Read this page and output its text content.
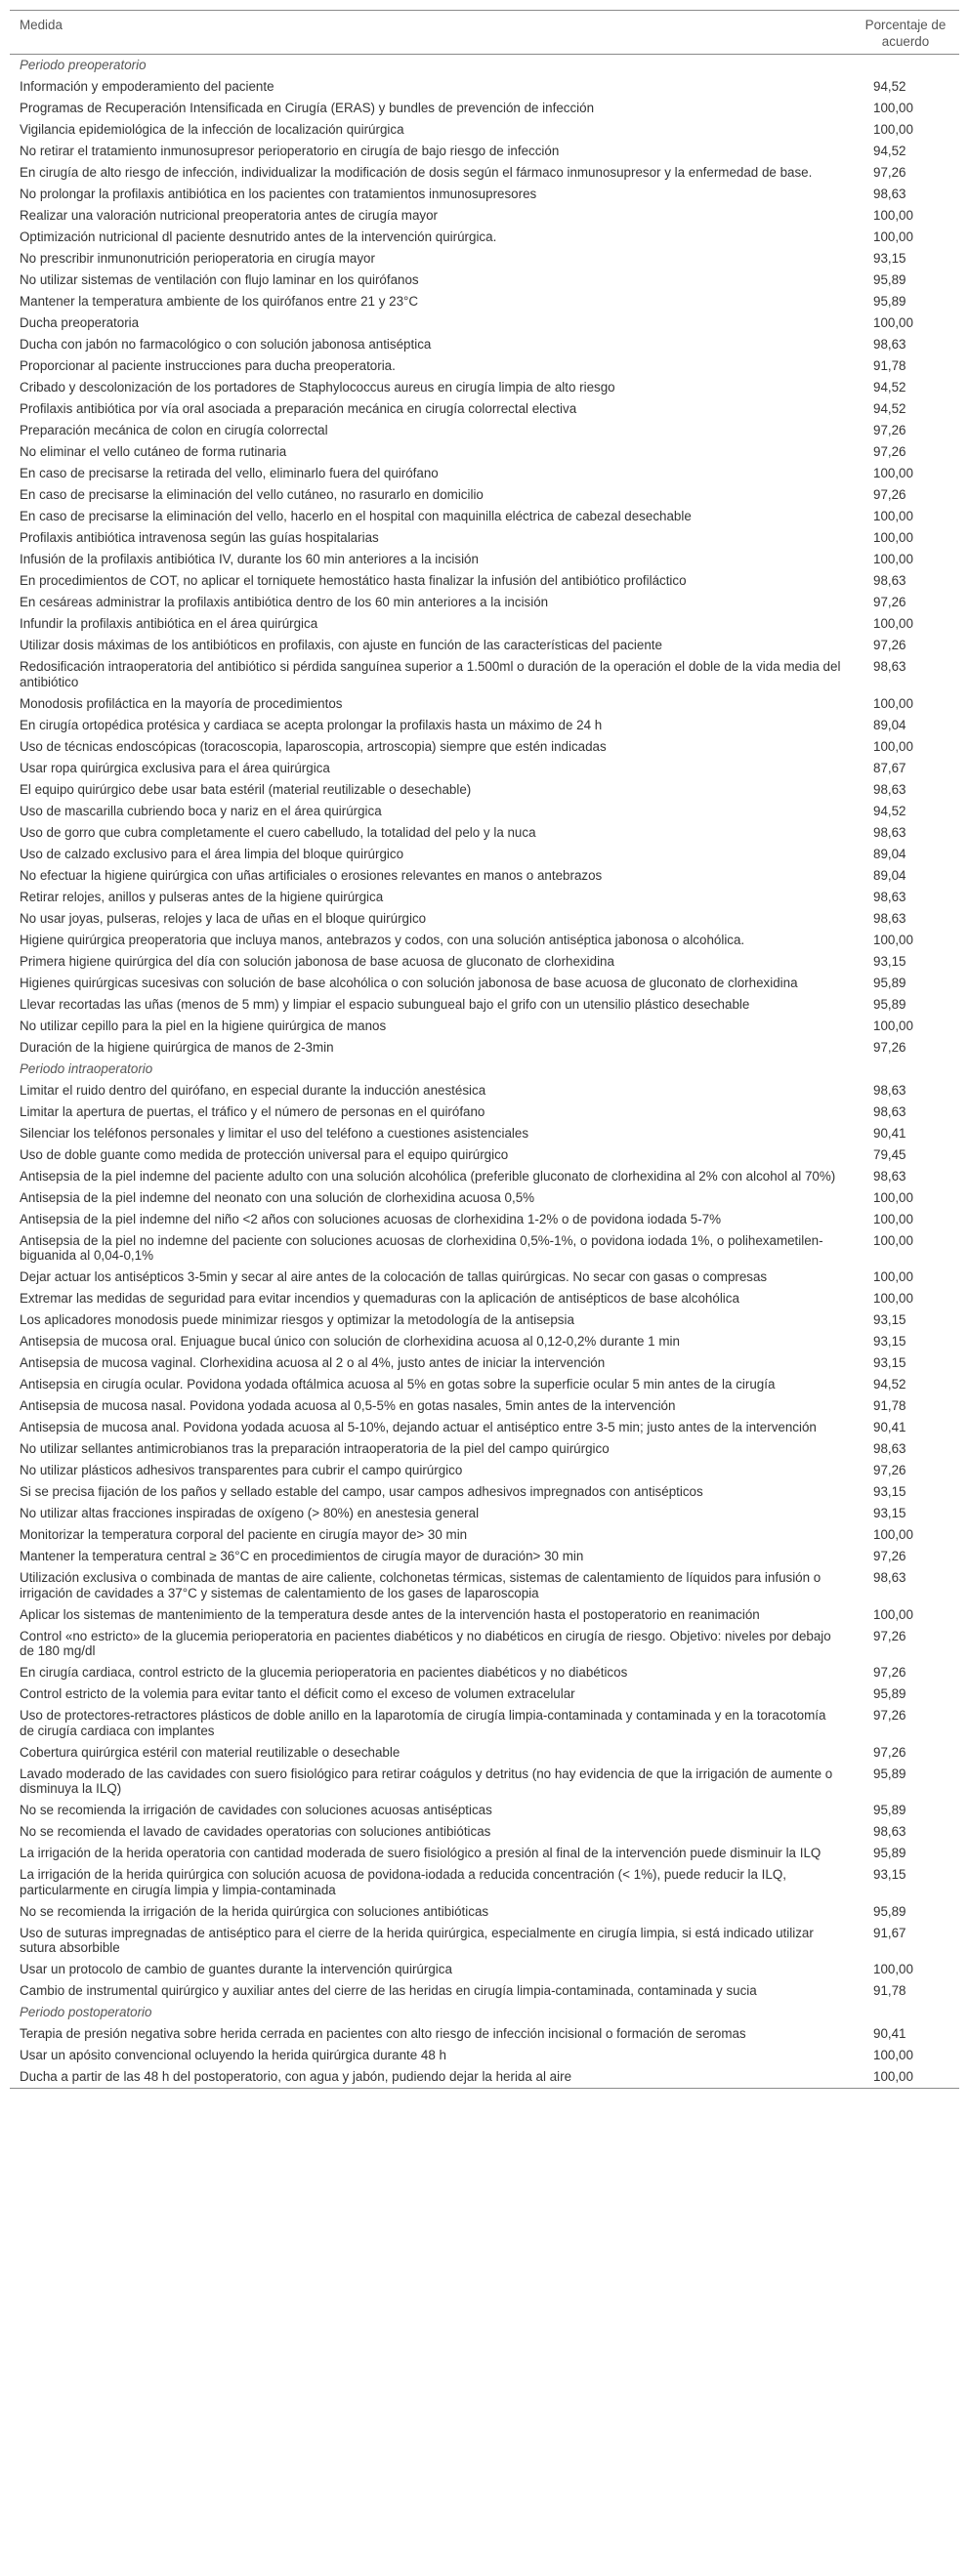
Medida	Porcentaje de acuerdo
Periodo preoperatorio	
Información y empoderamiento del paciente	94,52
Programas de Recuperación Intensificada en Cirugía (ERAS) y bundles de prevención de infección	100,00
Vigilancia epidemiológica de la infección de localización quirúrgica	100,00
No retirar el tratamiento inmunosupresor perioperatorio en cirugía de bajo riesgo de infección	94,52
En cirugía de alto riesgo de infección, individualizar la modificación de dosis según el fármaco inmunosupresor y la enfermedad de base.	97,26
No prolongar la profilaxis antibiótica en los pacientes con tratamientos inmunosupresores	98,63
Realizar una valoración nutricional preoperatoria antes de cirugía mayor	100,00
Optimización nutricional dl paciente desnutrido antes de la intervención quirúrgica.	100,00
No prescribir inmunonutrición perioperatoria en cirugía mayor	93,15
No utilizar sistemas de ventilación con flujo laminar en los quirófanos	95,89
Mantener la temperatura ambiente de los quirófanos entre 21 y 23°C	95,89
Ducha preoperatoria	100,00
Ducha con jabón no farmacológico o con solución jabonosa antiséptica	98,63
Proporcionar al paciente instrucciones para ducha preoperatoria.	91,78
Cribado y descolonización de los portadores de Staphylococcus aureus en cirugía limpia de alto riesgo	94,52
Profilaxis antibiótica por vía oral asociada a preparación mecánica en cirugía colorrectal electiva	94,52
Preparación mecánica de colon en cirugía colorrectal	97,26
No eliminar el vello cutáneo de forma rutinaria	97,26
En caso de precisarse la retirada del vello, eliminarlo fuera del quirófano	100,00
En caso de precisarse la eliminación del vello cutáneo, no rasurarlo en domicilio	97,26
En caso de precisarse la eliminación del vello, hacerlo en el hospital con maquinilla eléctrica de cabezal desechable	100,00
Profilaxis antibiótica intravenosa según las guías hospitalarias	100,00
Infusión de la profilaxis antibiótica IV, durante los 60 min anteriores a la incisión	100,00
En procedimientos de COT, no aplicar el torniquete hemostático hasta finalizar la infusión del antibiótico profiláctico	98,63
En cesáreas administrar la profilaxis antibiótica dentro de los 60 min anteriores a la incisión	97,26
Infundir la profilaxis antibiótica en el área quirúrgica	100,00
Utilizar dosis máximas de los antibióticos en profilaxis, con ajuste en función de las características del paciente	97,26
Redosificación intraoperatoria del antibiótico si pérdida sanguínea superior a 1.500ml o duración de la operación el doble de la vida media del antibiótico	98,63
Monodosis profiláctica en la mayoría de procedimientos	100,00
En cirugía ortopédica protésica y cardiaca se acepta prolongar la profilaxis hasta un máximo de 24 h	89,04
Uso de técnicas endoscópicas (toracoscopia, laparoscopia, artroscopia) siempre que estén indicadas	100,00
Usar ropa quirúrgica exclusiva para el área quirúrgica	87,67
El equipo quirúrgico debe usar bata estéril (material reutilizable o desechable)	98,63
Uso de mascarilla cubriendo boca y nariz en el área quirúrgica	94,52
Uso de gorro que cubra completamente el cuero cabelludo, la totalidad del pelo y la nuca	98,63
Uso de calzado exclusivo para el área limpia del bloque quirúrgico	89,04
No efectuar la higiene quirúrgica con uñas artificiales o erosiones relevantes en manos o antebrazos	89,04
Retirar relojes, anillos y pulseras antes de la higiene quirúrgica	98,63
No usar joyas, pulseras, relojes y laca de uñas en el bloque quirúrgico	98,63
Higiene quirúrgica preoperatoria que incluya manos, antebrazos y codos, con una solución antiséptica jabonosa o alcohólica.	100,00
Primera higiene quirúrgica del día con solución jabonosa de base acuosa de gluconato de clorhexidina	93,15
Higienes quirúrgicas sucesivas con solución de base alcohólica o con solución jabonosa de base acuosa de gluconato de clorhexidina	95,89
Llevar recortadas las uñas (menos de 5 mm) y limpiar el espacio subungueal bajo el grifo con un utensilio plástico desechable	95,89
No utilizar cepillo para la piel en la higiene quirúrgica de manos	100,00
Duración de la higiene quirúrgica de manos de 2-3min	97,26
Periodo intraoperatorio	
Limitar el ruido dentro del quirófano, en especial durante la inducción anestésica	98,63
Limitar la apertura de puertas, el tráfico y el número de personas en el quirófano	98,63
Silenciar los teléfonos personales y limitar el uso del teléfono a cuestiones asistenciales	90,41
Uso de doble guante como medida de protección universal para el equipo quirúrgico	79,45
Antisepsia de la piel indemne del paciente adulto con una solución alcohólica (preferible gluconato de clorhexidina al 2% con alcohol al 70%)	98,63
Antisepsia de la piel indemne del neonato con una solución de clorhexidina acuosa 0,5%	100,00
Antisepsia de la piel indemne del niño <2 años con soluciones acuosas de clorhexidina 1-2% o de povidona iodada 5-7%	100,00
Antisepsia de la piel no indemne del paciente con soluciones acuosas de clorhexidina 0,5%-1%, o povidona iodada 1%, o polihexametilen-biguanida al 0,04-0,1%	100,00
Dejar actuar los antisépticos 3-5min y secar al aire antes de la colocación de tallas quirúrgicas. No secar con gasas o compresas	100,00
Extremar las medidas de seguridad para evitar incendios y quemaduras con la aplicación de antisépticos de base alcohólica	100,00
Los aplicadores monodosis puede minimizar riesgos y optimizar la metodología de la antisepsia	93,15
Antisepsia de mucosa oral. Enjuague bucal único con solución de clorhexidina acuosa al 0,12-0,2% durante 1 min	93,15
Antisepsia de mucosa vaginal. Clorhexidina acuosa al 2 o al 4%, justo antes de iniciar la intervención	93,15
Antisepsia en cirugía ocular. Povidona yodada oftálmica acuosa al 5% en gotas sobre la superficie ocular 5 min antes de la cirugía	94,52
Antisepsia de mucosa nasal. Povidona yodada acuosa al 0,5-5% en gotas nasales, 5min antes de la intervención	91,78
Antisepsia de mucosa anal. Povidona yodada acuosa al 5-10%, dejando actuar el antiséptico entre 3-5 min; justo antes de la intervención	90,41
No utilizar sellantes antimicrobianos tras la preparación intraoperatoria de la piel del campo quirúrgico	98,63
No utilizar plásticos adhesivos transparentes para cubrir el campo quirúrgico	97,26
Si se precisa fijación de los paños y sellado estable del campo, usar campos adhesivos impregnados con antisépticos	93,15
No utilizar altas fracciones inspiradas de oxígeno (> 80%) en anestesia general	93,15
Monitorizar la temperatura corporal del paciente en cirugía mayor de> 30 min	100,00
Mantener la temperatura central ≥ 36°C en procedimientos de cirugía mayor de duración> 30 min	97,26
Utilización exclusiva o combinada de mantas de aire caliente, colchonetas térmicas, sistemas de calentamiento de líquidos para infusión o irrigación de cavidades a 37°C y sistemas de calentamiento de los gases de laparoscopia	98,63
Aplicar los sistemas de mantenimiento de la temperatura desde antes de la intervención hasta el postoperatorio en reanimación	100,00
Control «no estricto» de la glucemia perioperatoria en pacientes diabéticos y no diabéticos en cirugía de riesgo. Objetivo: niveles por debajo de 180 mg/dl	97,26
En cirugía cardiaca, control estricto de la glucemia perioperatoria en pacientes diabéticos y no diabéticos	97,26
Control estricto de la volemia para evitar tanto el déficit como el exceso de volumen extracelular	95,89
Uso de protectores-retractores plásticos de doble anillo en la laparotomía de cirugía limpia-contaminada y contaminada y en la toracotomía de cirugía cardiaca con implantes	97,26
Cobertura quirúrgica estéril con material reutilizable o desechable	97,26
Lavado moderado de las cavidades con suero fisiológico para retirar coágulos y detritus (no hay evidencia de que la irrigación de aumente o disminuya la ILQ)	95,89
No se recomienda la irrigación de cavidades con soluciones acuosas antisépticas	95,89
No se recomienda el lavado de cavidades operatorias con soluciones antibióticas	98,63
La irrigación de la herida operatoria con cantidad moderada de suero fisiológico a presión al final de la intervención puede disminuir la ILQ	95,89
La irrigación de la herida quirúrgica con solución acuosa de povidona-iodada a reducida concentración (< 1%), puede reducir la ILQ, particularmente en cirugía limpia y limpia-contaminada	93,15
No se recomienda la irrigación de la herida quirúrgica con soluciones antibióticas	95,89
Uso de suturas impregnadas de antiséptico para el cierre de la herida quirúrgica, especialmente en cirugía limpia, si está indicado utilizar sutura absorbible	91,67
Usar un protocolo de cambio de guantes durante la intervención quirúrgica	100,00
Cambio de instrumental quirúrgico y auxiliar antes del cierre de las heridas en cirugía limpia-contaminada, contaminada y sucia	91,78
Periodo postoperatorio	
Terapia de presión negativa sobre herida cerrada en pacientes con alto riesgo de infección incisional o formación de seromas	90,41
Usar un apósito convencional ocluyendo la herida quirúrgica durante 48 h	100,00
Ducha a partir de las 48 h del postoperatorio, con agua y jabón, pudiendo dejar la herida al aire	100,00
